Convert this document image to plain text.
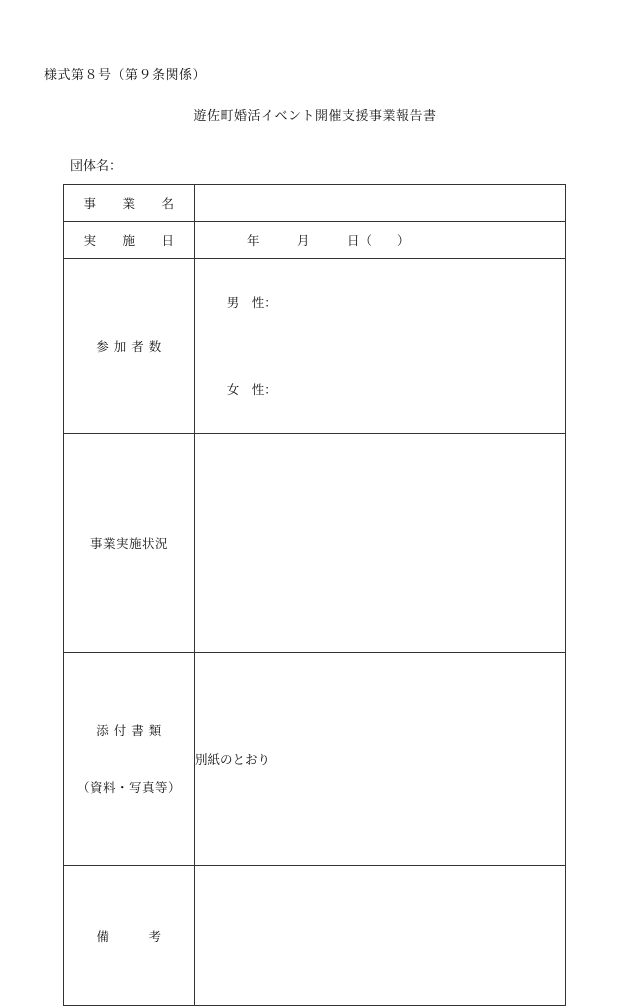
様式第８号（第９条関係）
遊佐町婚活イベント開催支援事業報告書
団体名：
事　　業　　名	
実　　施　　日	年　　　月　　　日（　　）

参 加 者 数	男　性：

女　性：

事業実施状況	

添 付 書 類

（資料・写真等）	別紙のとおり
備　　　考	
